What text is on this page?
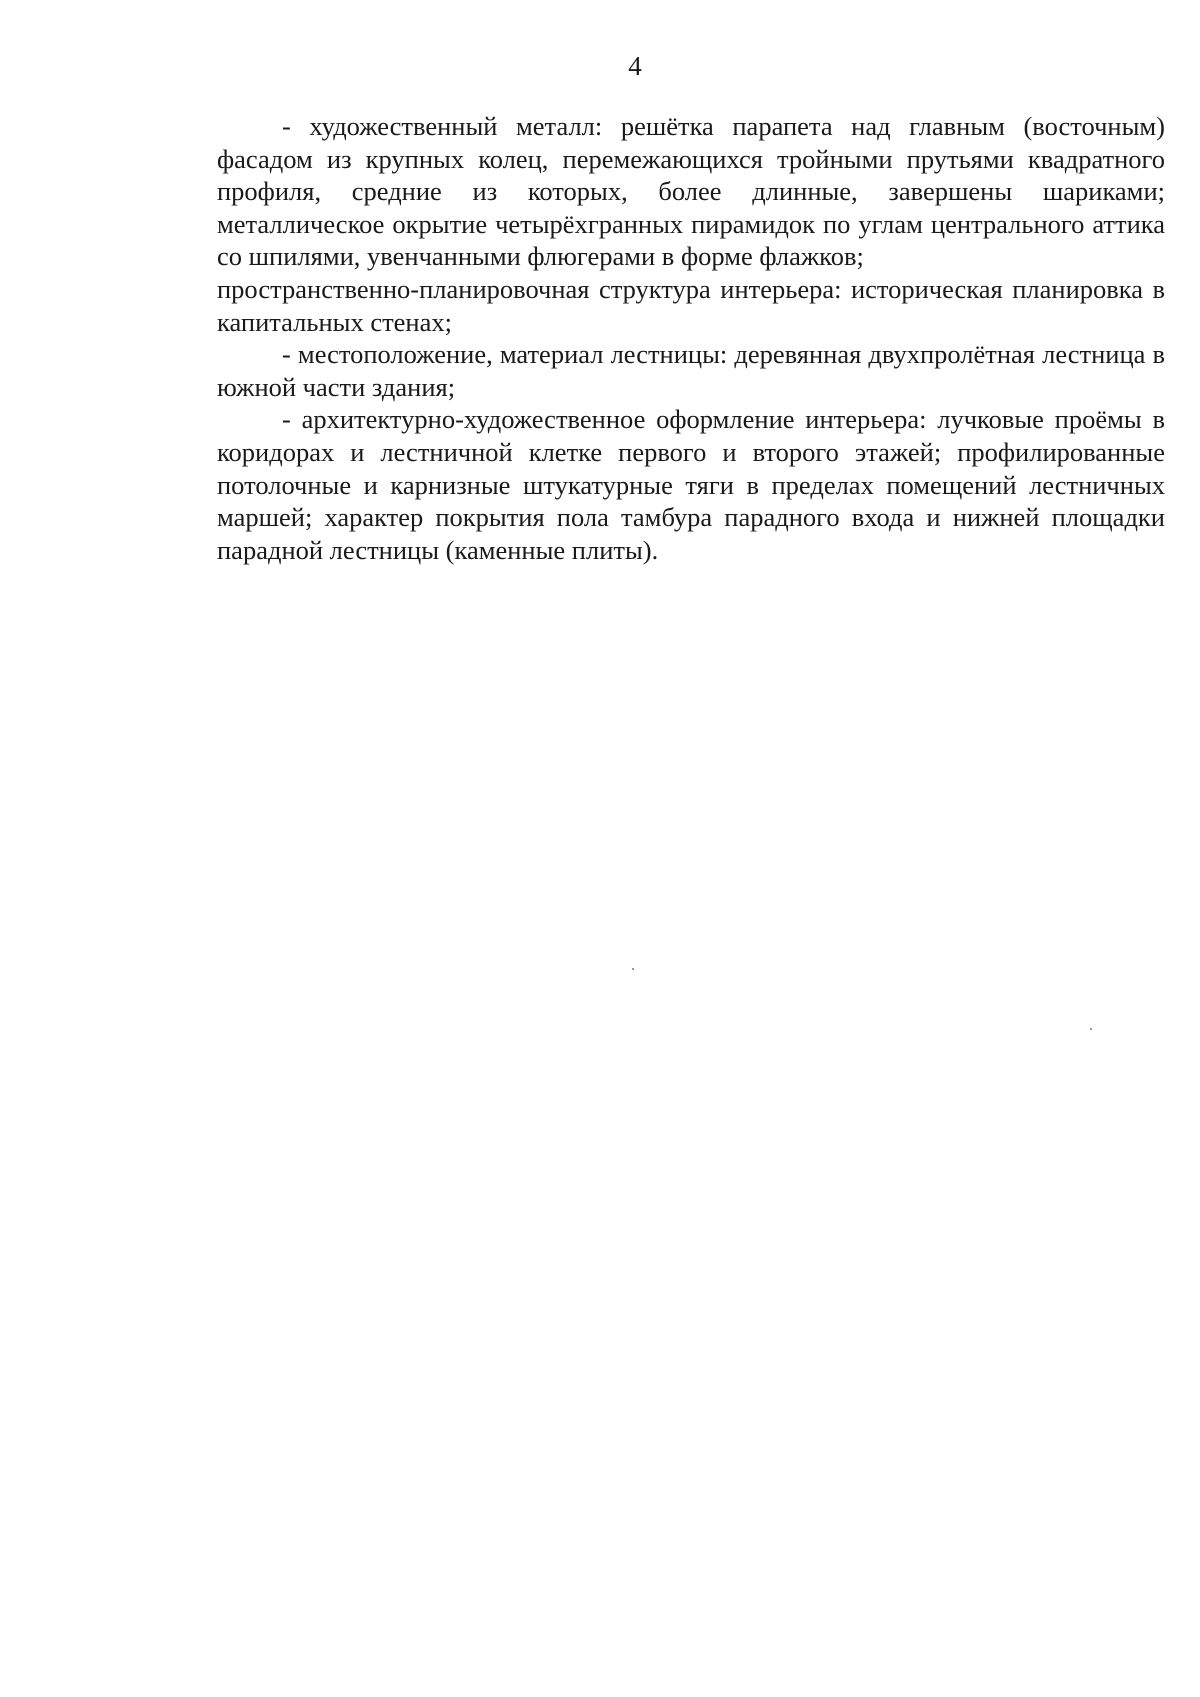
4

- художественный металл: решётка парапета над главным (восточным) фасадом из крупных колец, перемежающихся тройными прутьями квадратного профиля, средние из которых, более длинные, завершены шариками; металлическое окрытие четырёхгранных пирамидок по углам центрального аттика со шпилями, увенчанными флюгерами в форме флажков;

пространственно-планировочная структура интерьера: историческая планировка в капитальных стенах;

- местоположение, материал лестницы: деревянная двухпролётная лестница в южной части здания;

- архитектурно-художественное оформление интерьера: лучковые проёмы в коридорах и лестничной клетке первого и второго этажей; профилированные потолочные и карнизные штукатурные тяги в пределах помещений лестничных маршей; характер покрытия пола тамбура парадного входа и нижней площадки парадной лестницы (каменные плиты).
